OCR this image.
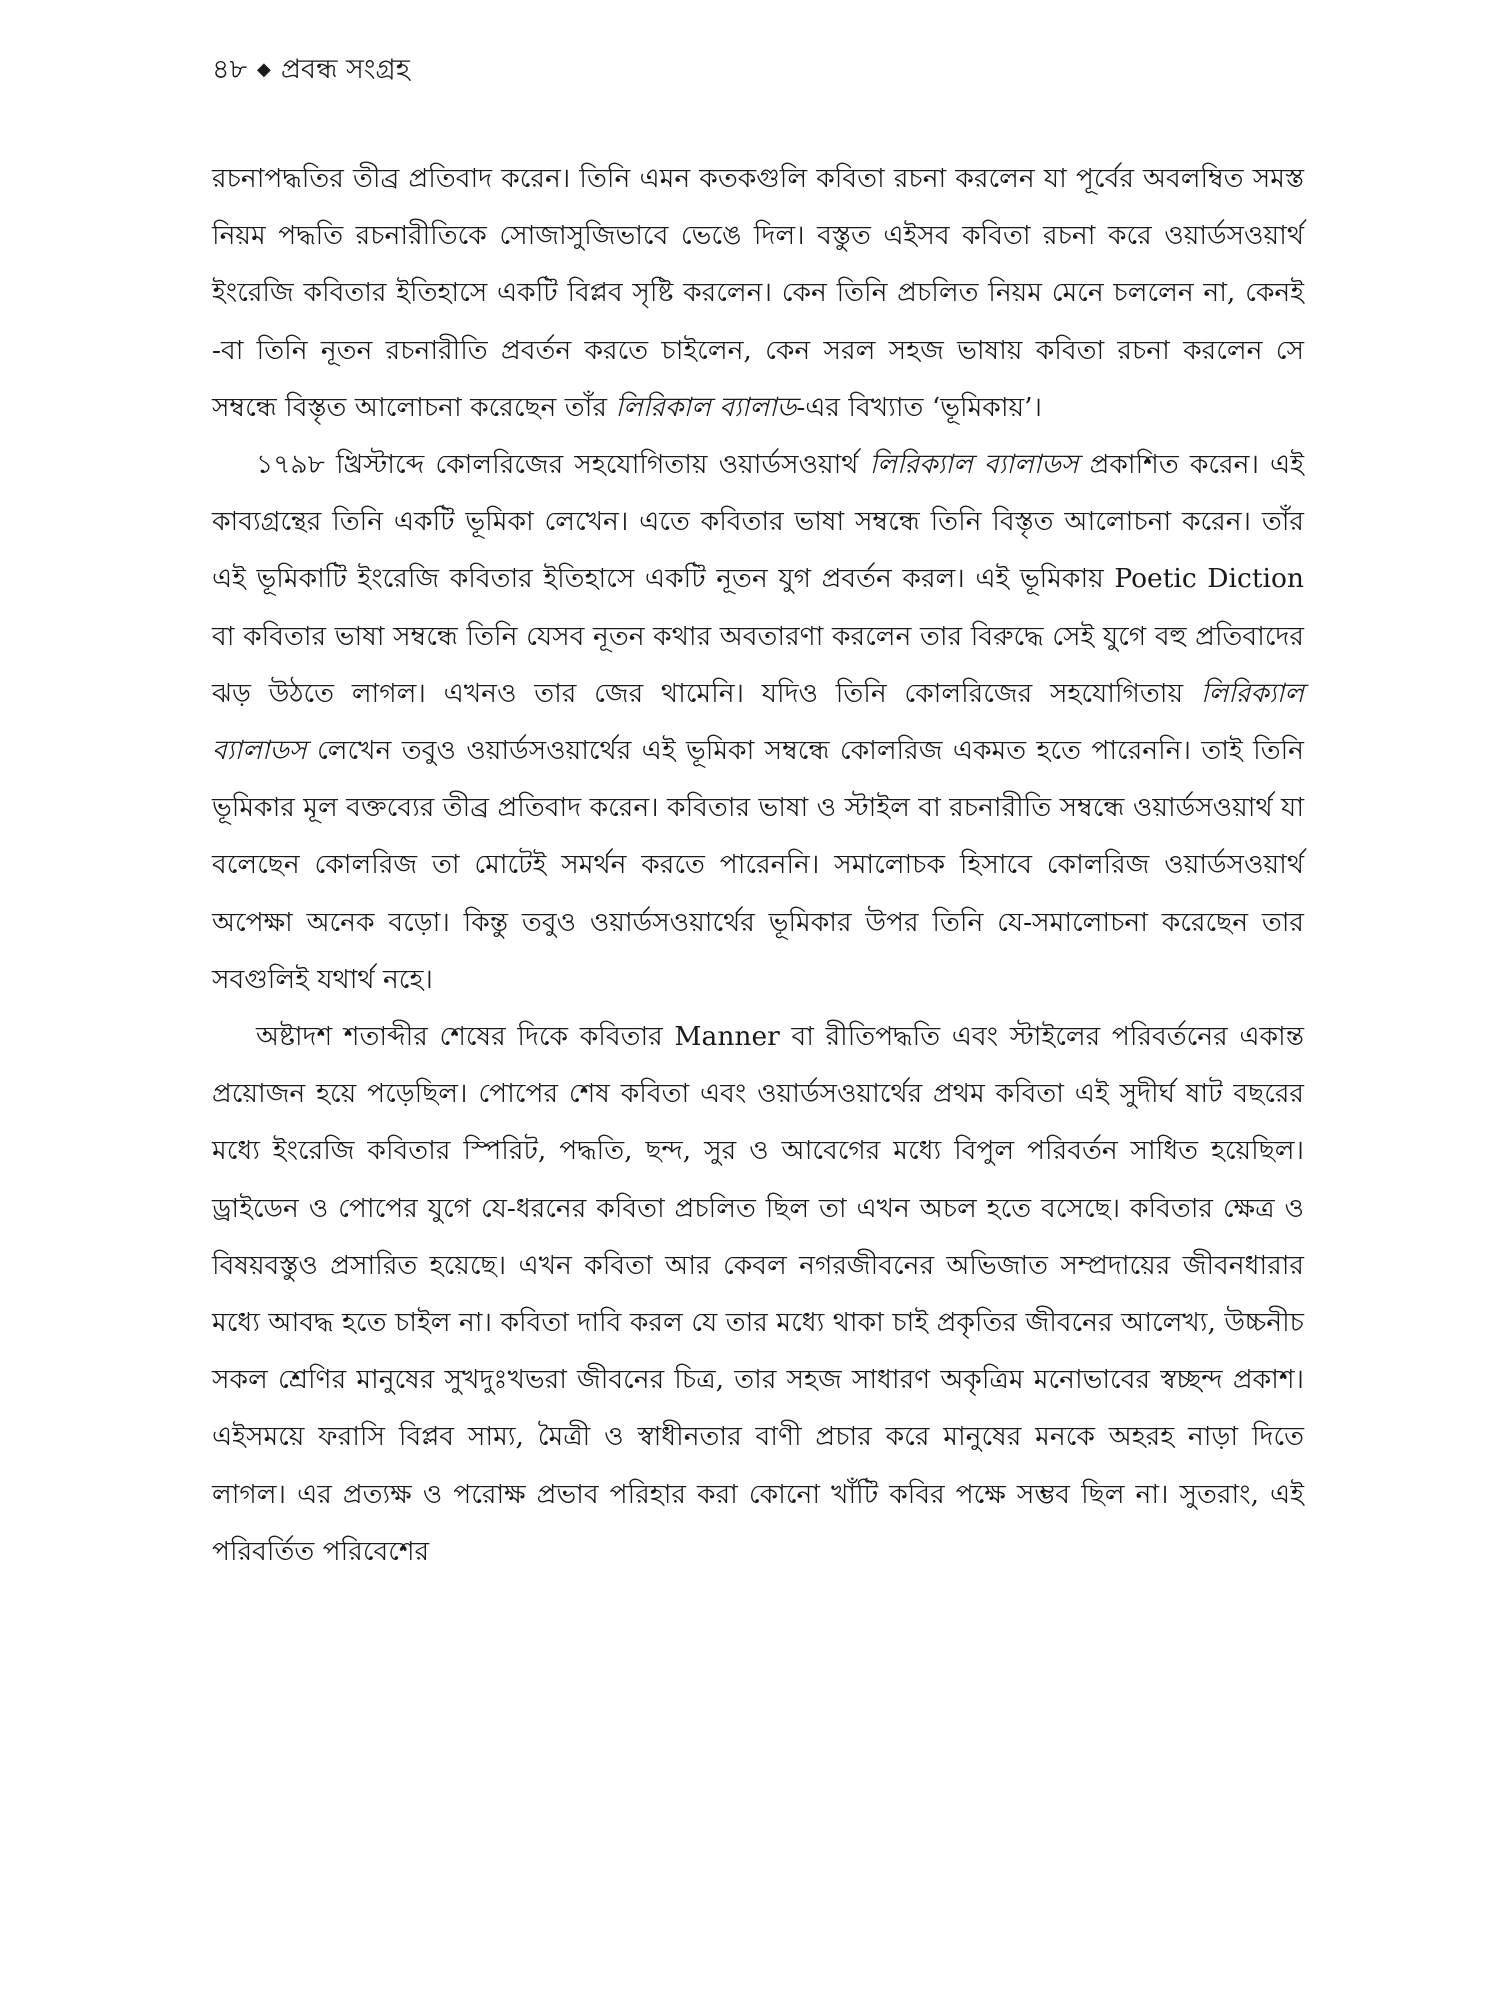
৪৮ ◆ প্রবন্ধ সংগ্রহ

রচনাপদ্ধতির তীব্র প্রতিবাদ করেন। তিনি এমন কতকগুলি কবিতা রচনা করলেন যা পূর্বের অবলম্বিত সমস্ত নিয়ম পদ্ধতি রচনারীতিকে সোজাসুজিভাবে ভেঙে দিল। বস্তুত এইসব কবিতা রচনা করে ওয়ার্ডসওয়ার্থ ইংরেজি কবিতার ইতিহাসে একটি বিপ্লব সৃষ্টি করলেন। কেন তিনি প্রচলিত নিয়ম মেনে চললেন না, কেনই -বা তিনি নূতন রচনারীতি প্রবর্তন করতে চাইলেন, কেন সরল সহজ ভাষায় কবিতা রচনা করলেন সে সম্বন্ধে বিস্তৃত আলোচনা করেছেন তাঁর লিরিকাল ব্যালাড-এর বিখ্যাত ‘ভূমিকায়’।

১৭৯৮ খ্রিস্টাব্দে কোলরিজের সহযোগিতায় ওয়ার্ডসওয়ার্থ লিরিক্যাল ব্যালাডস প্রকাশিত করেন। এই কাব্যগ্রন্থের তিনি একটি ভূমিকা লেখেন। এতে কবিতার ভাষা সম্বন্ধে তিনি বিস্তৃত আলোচনা করেন। তাঁর এই ভূমিকাটি ইংরেজি কবিতার ইতিহাসে একটি নূতন যুগ প্রবর্তন করল। এই ভূমিকায় Poetic Diction বা কবিতার ভাষা সম্বন্ধে তিনি যেসব নূতন কথার অবতারণা করলেন তার বিরুদ্ধে সেই যুগে বহু প্রতিবাদের ঝড় উঠতে লাগল। এখনও তার জের থামেনি। যদিও তিনি কোলরিজের সহযোগিতায় লিরিক্যাল ব্যালাডস লেখেন তবুও ওয়ার্ডসওয়ার্থের এই ভূমিকা সম্বন্ধে কোলরিজ একমত হতে পারেননি। তাই তিনি ভূমিকার মূল বক্তব্যের তীব্র প্রতিবাদ করেন। কবিতার ভাষা ও স্টাইল বা রচনারীতি সম্বন্ধে ওয়ার্ডসওয়ার্থ যা বলেছেন কোলরিজ তা মোটেই সমর্থন করতে পারেননি। সমালোচক হিসাবে কোলরিজ ওয়ার্ডসওয়ার্থ অপেক্ষা অনেক বড়ো। কিন্তু তবুও ওয়ার্ডসওয়ার্থের ভূমিকার উপর তিনি যে-সমালোচনা করেছেন তার সবগুলিই যথার্থ নহে।

অষ্টাদশ শতাব্দীর শেষের দিকে কবিতার Manner বা রীতিপদ্ধতি এবং স্টাইলের পরিবর্তনের একান্ত প্রয়োজন হয়ে পড়েছিল। পোপের শেষ কবিতা এবং ওয়ার্ডসওয়ার্থের প্রথম কবিতা এই সুদীর্ঘ ষাট বছরের মধ্যে ইংরেজি কবিতার স্পিরিট, পদ্ধতি, ছন্দ, সুর ও আবেগের মধ্যে বিপুল পরিবর্তন সাধিত হয়েছিল। ড্রাইডেন ও পোপের যুগে যে-ধরনের কবিতা প্রচলিত ছিল তা এখন অচল হতে বসেছে। কবিতার ক্ষেত্র ও বিষয়বস্তুও প্রসারিত হয়েছে। এখন কবিতা আর কেবল নগরজীবনের অভিজাত সম্প্রদায়ের জীবনধারার মধ্যে আবদ্ধ হতে চাইল না। কবিতা দাবি করল যে তার মধ্যে থাকা চাই প্রকৃতির জীবনের আলেখ্য, উচ্চনীচ সকল শ্রেণির মানুষের সুখদুঃখভরা জীবনের চিত্র, তার সহজ সাধারণ অকৃত্রিম মনোভাবের স্বচ্ছন্দ প্রকাশ। এইসময়ে ফরাসি বিপ্লব সাম্য, মৈত্রী ও স্বাধীনতার বাণী প্রচার করে মানুষের মনকে অহরহ নাড়া দিতে লাগল। এর প্রত্যক্ষ ও পরোক্ষ প্রভাব পরিহার করা কোনো খাঁটি কবির পক্ষে সম্ভব ছিল না। সুতরাং, এই পরিবর্তিত পরিবেশের
